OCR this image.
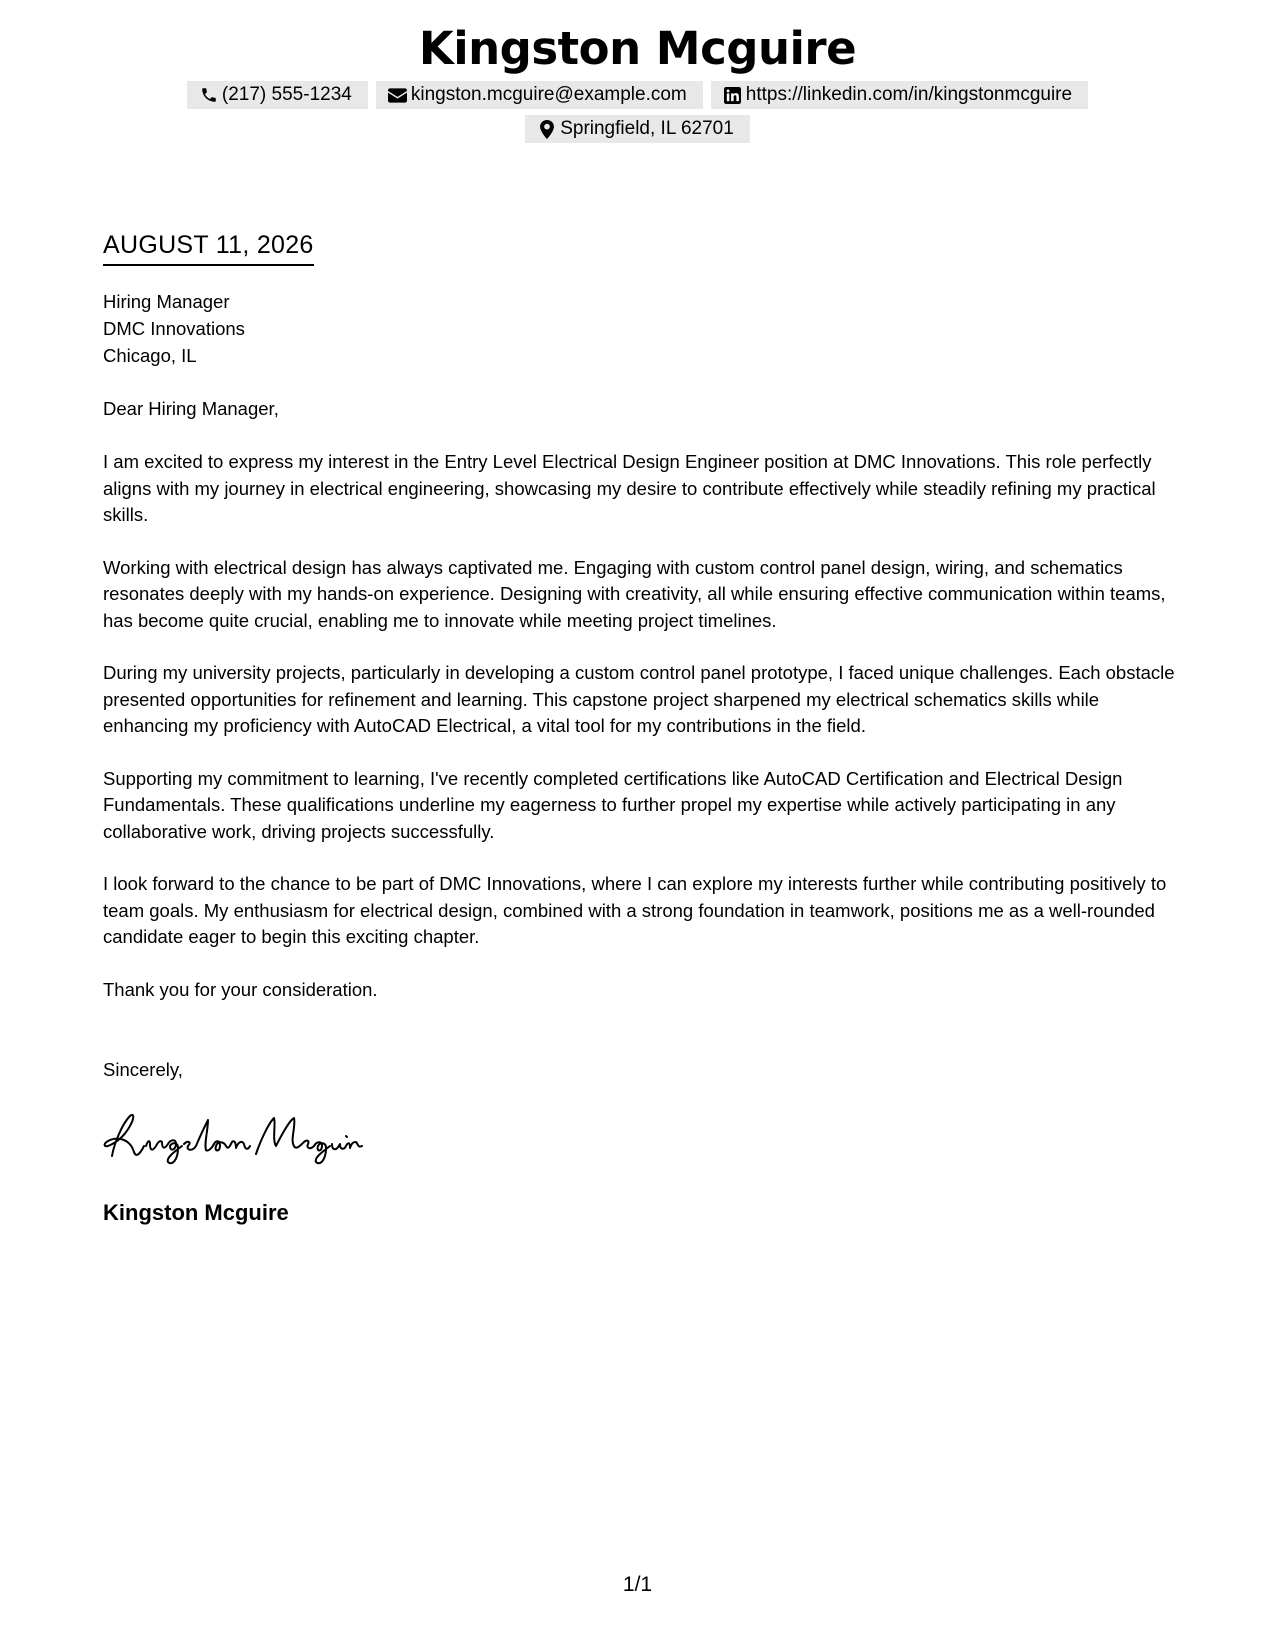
Kingston Mcguire
(217) 555-1234	kingston.mcguire@example.com	https://linkedin.com/in/kingstonmcguire
Springfield, IL 62701
AUGUST 11, 2026
Hiring Manager
DMC Innovations
Chicago, IL
Dear Hiring Manager,

I am excited to express my interest in the Entry Level Electrical Design Engineer position at DMC Innovations. This role perfectly aligns with my journey in electrical engineering, showcasing my desire to contribute effectively while steadily refining my practical skills.

Working with electrical design has always captivated me. Engaging with custom control panel design, wiring, and schematics resonates deeply with my hands-on experience. Designing with creativity, all while ensuring effective communication within teams, has become quite crucial, enabling me to innovate while meeting project timelines.

During my university projects, particularly in developing a custom control panel prototype, I faced unique challenges. Each obstacle presented opportunities for refinement and learning. This capstone project sharpened my electrical schematics skills while enhancing my proficiency with AutoCAD Electrical, a vital tool for my contributions in the field.

Supporting my commitment to learning, I've recently completed certifications like AutoCAD Certification and Electrical Design Fundamentals. These qualifications underline my eagerness to further propel my expertise while actively participating in any collaborative work, driving projects successfully.

I look forward to the chance to be part of DMC Innovations, where I can explore my interests further while contributing positively to team goals. My enthusiasm for electrical design, combined with a strong foundation in teamwork, positions me as a well-rounded candidate eager to begin this exciting chapter.

Thank you for your consideration.
Sincerely,
Kingston Mcguire
1/1
